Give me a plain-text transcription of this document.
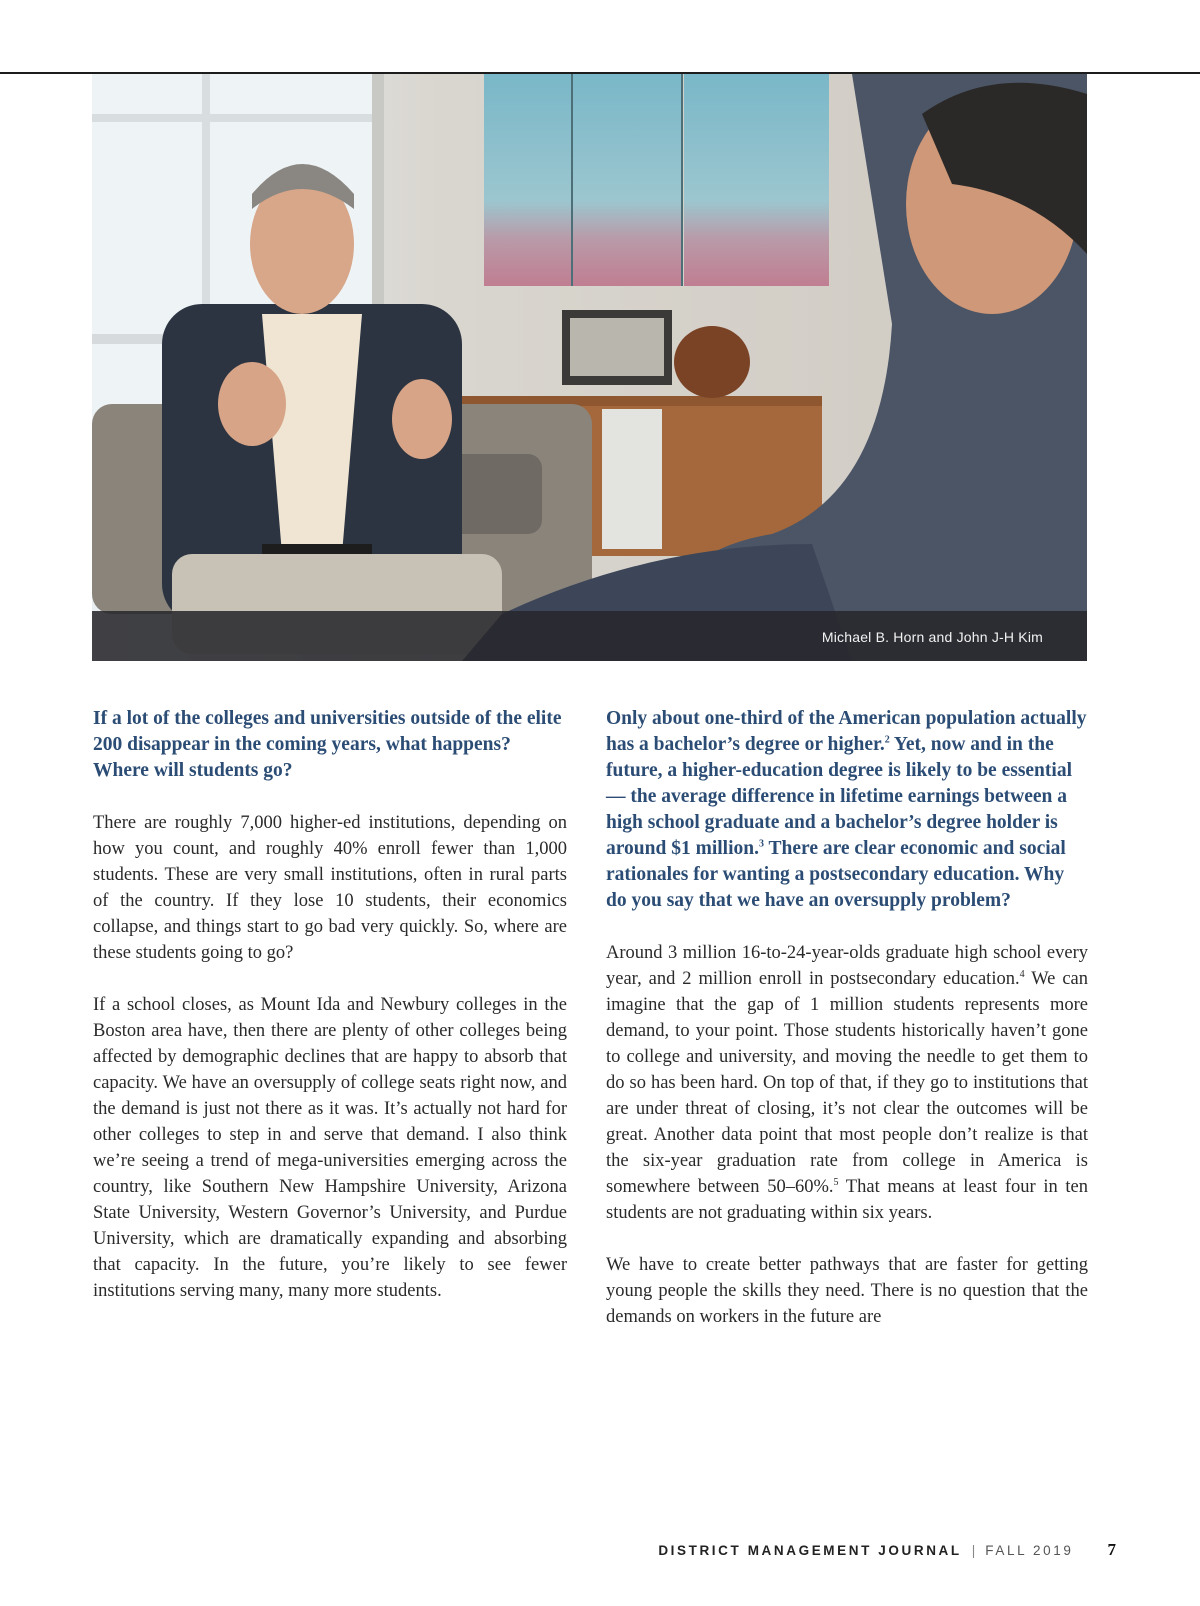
Michael B. Horn and John J-H Kim

If a lot of the colleges and universities outside of the elite 200 disappear in the coming years, what happens? Where will students go?

There are roughly 7,000 higher-ed institutions, depending on how you count, and roughly 40% enroll fewer than 1,000 students. These are very small institutions, often in rural parts of the country. If they lose 10 students, their economics collapse, and things start to go bad very quickly. So, where are these students going to go?

If a school closes, as Mount Ida and Newbury colleges in the Boston area have, then there are plenty of other colleges being affected by demographic declines that are happy to absorb that capacity. We have an oversupply of college seats right now, and the demand is just not there as it was. It’s actually not hard for other colleges to step in and serve that demand. I also think we’re seeing a trend of mega-universities emerging across the country, like Southern New Hampshire University, Arizona State University, Western Governor’s University, and Purdue University, which are dramatically expanding and absorbing that capacity. In the future, you’re likely to see fewer institutions serving many, many more students.

Only about one-third of the American population actually has a bachelor’s degree or higher.$^2$ Yet, now and in the future, a higher-education degree is likely to be essential — the average difference in lifetime earnings between a high school graduate and a bachelor’s degree holder is around $1 million.$^3$ There are clear economic and social rationales for wanting a postsecondary education. Why do you say that we have an oversupply problem?

Around 3 million 16-to-24-year-olds graduate high school every year, and 2 million enroll in postsecondary education.$^4$ We can imagine that the gap of 1 million students represents more demand, to your point. Those students historically haven’t gone to college and university, and moving the needle to get them to do so has been hard. On top of that, if they go to institutions that are under threat of closing, it’s not clear the outcomes will be great. Another data point that most people don’t realize is that the six-year graduation rate from college in America is somewhere between 50–60%.$^5$ That means at least four in ten students are not graduating within six years.

We have to create better pathways that are faster for getting young people the skills they need. There is no question that the demands on workers in the future are

DISTRICT MANAGEMENT JOURNAL | FALL 2019 7
